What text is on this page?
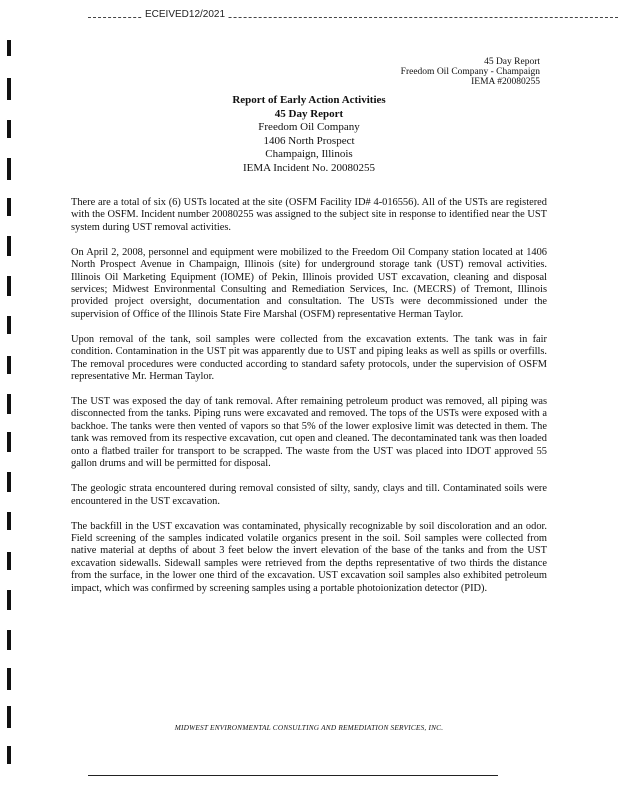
ECEIVED12/2021
45 Day Report
Freedom Oil Company - Champaign
IEMA #20080255
Report of Early Action Activities
45 Day Report
Freedom Oil Company
1406 North Prospect
Champaign, Illinois
IEMA Incident No. 20080255

There are a total of six (6) USTs located at the site (OSFM Facility ID# 4-016556). All of the USTs are registered with the OSFM. Incident number 20080255 was assigned to the subject site in response to identified near the UST system during UST removal activities.

On April 2, 2008, personnel and equipment were mobilized to the Freedom Oil Company station located at 1406 North Prospect Avenue in Champaign, Illinois (site) for underground storage tank (UST) removal activities. Illinois Oil Marketing Equipment (IOME) of Pekin, Illinois provided UST excavation, cleaning and disposal services; Midwest Environmental Consulting and Remediation Services, Inc. (MECRS) of Tremont, Illinois provided project oversight, documentation and consultation. The USTs were decommissioned under the supervision of Office of the Illinois State Fire Marshal (OSFM) representative Herman Taylor.

Upon removal of the tank, soil samples were collected from the excavation extents. The tank was in fair condition. Contamination in the UST pit was apparently due to UST and piping leaks as well as spills or overfills. The removal procedures were conducted according to standard safety protocols, under the supervision of OSFM representative Mr. Herman Taylor.

The UST was exposed the day of tank removal. After remaining petroleum product was removed, all piping was disconnected from the tanks. Piping runs were excavated and removed. The tops of the USTs were exposed with a backhoe. The tanks were then vented of vapors so that 5% of the lower explosive limit was detected in them. The tank was removed from its respective excavation, cut open and cleaned. The decontaminated tank was then loaded onto a flatbed trailer for transport to be scrapped. The waste from the UST was placed into IDOT approved 55 gallon drums and will be permitted for disposal.

The geologic strata encountered during removal consisted of silty, sandy, clays and till. Contaminated soils were encountered in the UST excavation.

The backfill in the UST excavation was contaminated, physically recognizable by soil discoloration and an odor. Field screening of the samples indicated volatile organics present in the soil. Soil samples were collected from native material at depths of about 3 feet below the invert elevation of the base of the tanks and from the UST excavation sidewalls. Sidewall samples were retrieved from the depths representative of two thirds the distance from the surface, in the lower one third of the excavation. UST excavation soil samples also exhibited petroleum impact, which was confirmed by screening samples using a portable photoionization detector (PID).

MIDWEST ENVIRONMENTAL CONSULTING AND REMEDIATION SERVICES, INC.
